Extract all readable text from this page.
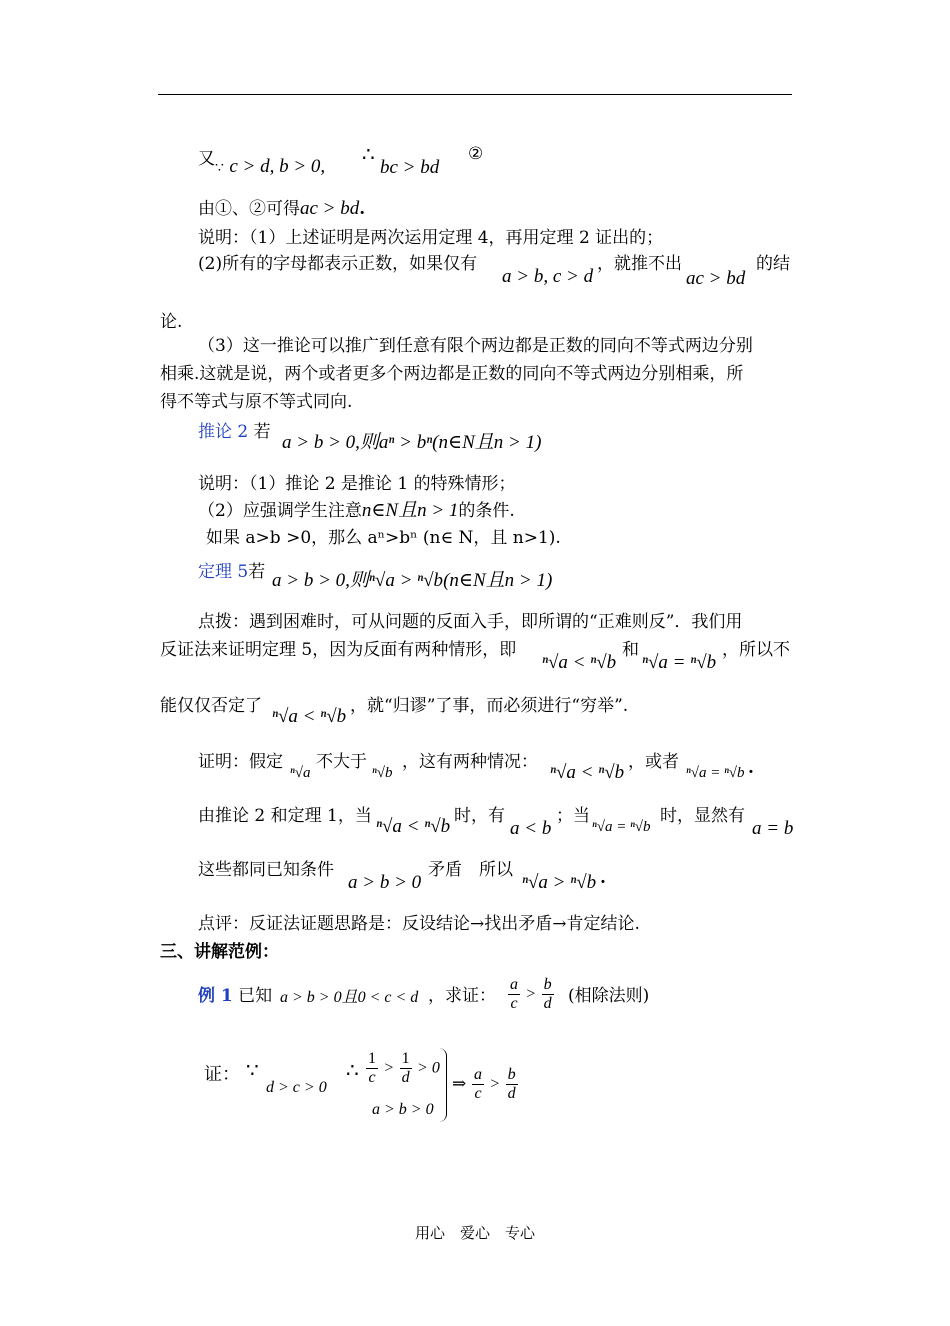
又$_\because$ c > d, b > 0,
∴
bc > bd
②
由①、②可得ac > bd.
说明：（1）上述证明是两次运用定理 4，再用定理 2 证出的；
(2)所有的字母都表示正数，如果仅有
a > b, c > d
，就推不出
ac > bd
的结
论.
（3）这一推论可以推广到任意有限个两边都是正数的同向不等式两边分别
相乘.这就是说，两个或者更多个两边都是正数的同向不等式两边分别相乘，所
得不等式与原不等式同向.
推论 2 若 a > b > 0,则aⁿ > bⁿ(n∈N且n > 1)
说明：（1）推论 2 是推论 1 的特殊情形；
（2）应强调学生注意n∈N且n > 1的条件.
如果 a>b >0，那么 aⁿ>bⁿ (n∈ N，且 n>1).
定理 5若 a > b > 0,则ⁿ√a > ⁿ√b(n∈N且n > 1)
点拨：遇到困难时，可从问题的反面入手，即所谓的“正难则反”．我们用
反证法来证明定理 5，因为反面有两种情形，即
ⁿ√a < ⁿ√b
和
ⁿ√a = ⁿ√b
，所以不
能仅仅否定了 ⁿ√a < ⁿ√b ，就“归谬”了事，而必须进行“穷举”.
证明：假定
ⁿ√a
不大于
ⁿ√b
，这有两种情况： ⁿ√a < ⁿ√b ，或者
ⁿ√a = ⁿ√b .
由推论 2 和定理 1，当 ⁿ√a < ⁿ√b 时，有
a < b
；当
ⁿ√a = ⁿ√b
时，显然有
a = b
这些都同已知条件
a > b > 0
矛盾　所以
ⁿ√a > ⁿ√b .
点评：反证法证题思路是：反设结论→找出矛盾→肯定结论.
三、讲解范例：
例 1 已知 a > b > 0且0 < c < d ，求证： $\frac{a}{c} > \frac{b}{d}$ (相除法则)
证： ∵
d > c > 0
∴ $\frac{1}{c} > \frac{1}{d} > 0$
a > b > 0
⇒ $\frac{a}{c} > \frac{b}{d}$
用心　爱心　专心
